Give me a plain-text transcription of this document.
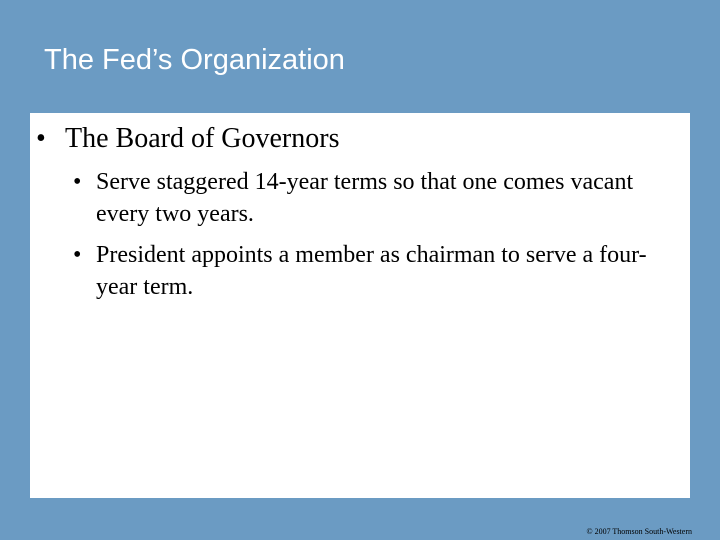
The Fed’s Organization
• The Board of Governors
• Serve staggered 14-year terms so that one comes vacant every two years.
• President appoints a member as chairman to serve a four-year term.
© 2007 Thomson South-Western
